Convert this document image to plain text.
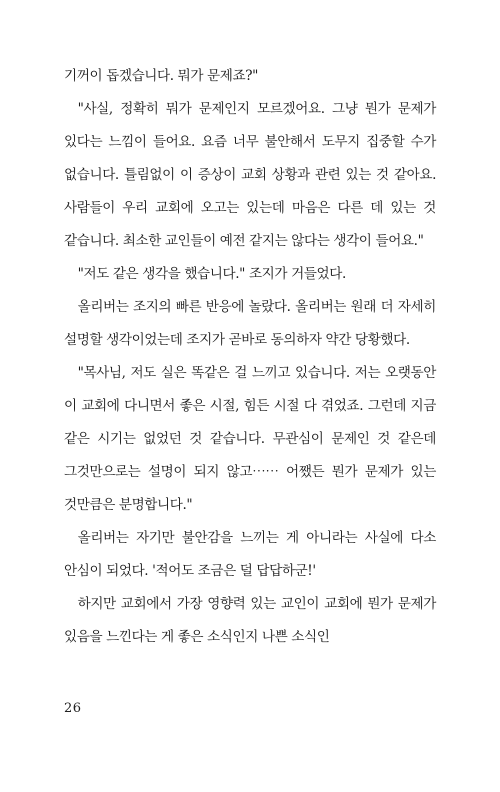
기꺼이 돕겠습니다. 뭐가 문제죠?"

"사실, 정확히 뭐가 문제인지 모르겠어요. 그냥 뭔가 문제가 있다는 느낌이 들어요. 요즘 너무 불안해서 도무지 집중할 수가 없습니다. 틀림없이 이 증상이 교회 상황과 관련 있는 것 같아요. 사람들이 우리 교회에 오고는 있는데 마음은 다른 데 있는 것 같습니다. 최소한 교인들이 예전 같지는 않다는 생각이 들어요."

"저도 같은 생각을 했습니다." 조지가 거들었다.

올리버는 조지의 빠른 반응에 놀랐다. 올리버는 원래 더 자세히 설명할 생각이었는데 조지가 곧바로 동의하자 약간 당황했다.

"목사님, 저도 실은 똑같은 걸 느끼고 있습니다. 저는 오랫동안 이 교회에 다니면서 좋은 시절, 힘든 시절 다 겪었죠. 그런데 지금 같은 시기는 없었던 것 같습니다. 무관심이 문제인 것 같은데 그것만으로는 설명이 되지 않고⋯⋯ 어쨌든 뭔가 문제가 있는 것만큼은 분명합니다."

올리버는 자기만 불안감을 느끼는 게 아니라는 사실에 다소 안심이 되었다. '적어도 조금은 덜 답답하군!'

하지만 교회에서 가장 영향력 있는 교인이 교회에 뭔가 문제가 있음을 느낀다는 게 좋은 소식인지 나쁜 소식인

26
